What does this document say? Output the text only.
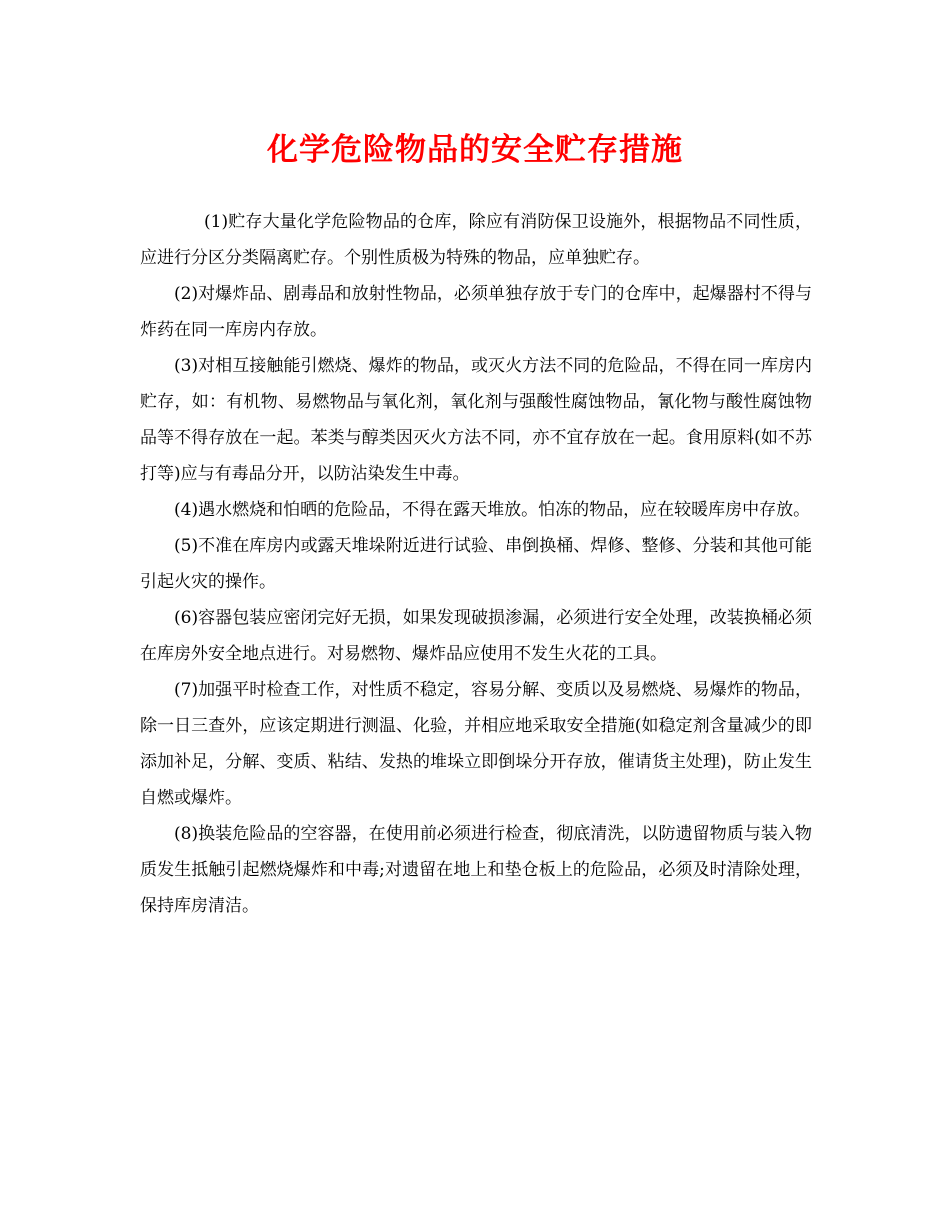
化学危险物品的安全贮存措施

(1)贮存大量化学危险物品的仓库，除应有消防保卫设施外，根据物品不同性质，应进行分区分类隔离贮存。个别性质极为特殊的物品，应单独贮存。

(2)对爆炸品、剧毒品和放射性物品，必须单独存放于专门的仓库中，起爆器村不得与炸药在同一库房内存放。

(3)对相互接触能引燃烧、爆炸的物品，或灭火方法不同的危险品，不得在同一库房内贮存，如：有机物、易燃物品与氧化剂，氧化剂与强酸性腐蚀物品，氰化物与酸性腐蚀物品等不得存放在一起。苯类与醇类因灭火方法不同，亦不宜存放在一起。食用原料(如不苏打等)应与有毒品分开，以防沾染发生中毒。

(4)遇水燃烧和怕晒的危险品，不得在露天堆放。怕冻的物品，应在较暖库房中存放。

(5)不准在库房内或露天堆垛附近进行试验、串倒换桶、焊修、整修、分装和其他可能引起火灾的操作。

(6)容器包装应密闭完好无损，如果发现破损渗漏，必须进行安全处理，改装换桶必须在库房外安全地点进行。对易燃物、爆炸品应使用不发生火花的工具。

(7)加强平时检查工作，对性质不稳定，容易分解、变质以及易燃烧、易爆炸的物品，除一日三查外，应该定期进行测温、化验，并相应地采取安全措施(如稳定剂含量减少的即添加补足，分解、变质、粘结、发热的堆垛立即倒垛分开存放，催请货主处理)，防止发生自燃或爆炸。

(8)换装危险品的空容器，在使用前必须进行检查，彻底清洗，以防遗留物质与装入物质发生抵触引起燃烧爆炸和中毒;对遗留在地上和垫仓板上的危险品，必须及时清除处理，保持库房清洁。
